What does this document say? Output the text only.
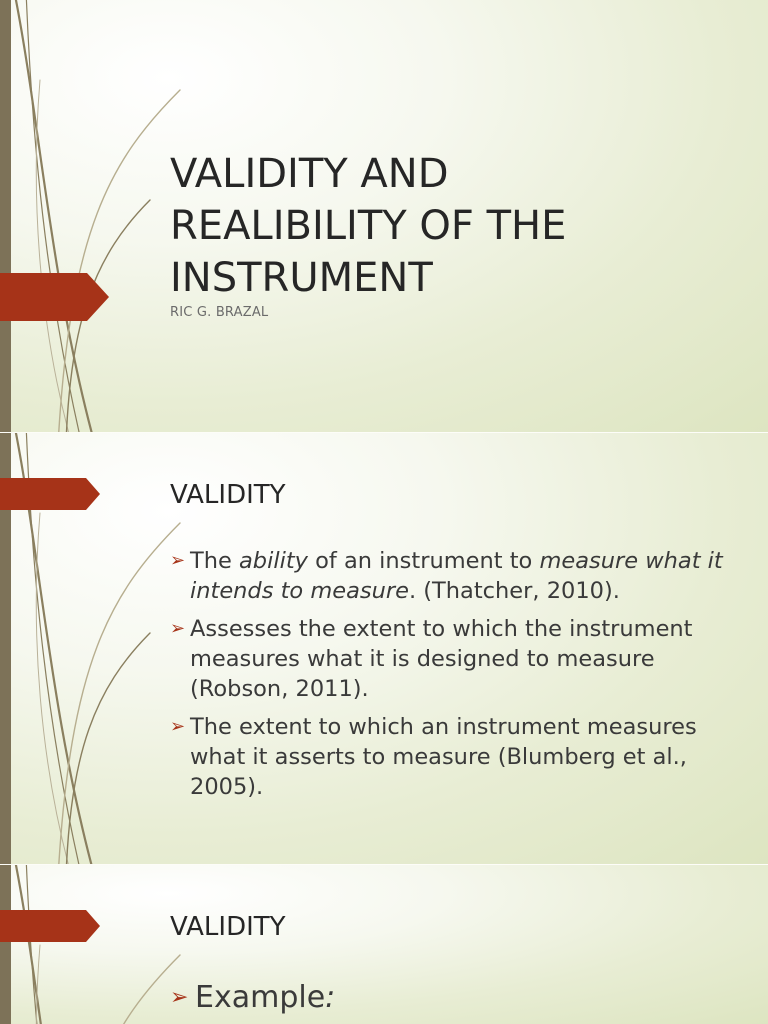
VALIDITY AND
REALIBILITY OF THE
INSTRUMENT
RIC G. BRAZAL
VALIDITY
➢ The ability of an instrument to measure what it intends to measure. (Thatcher, 2010).
➢ Assesses the extent to which the instrument measures what it is designed to measure (Robson, 2011).
➢ The extent to which an instrument measures what it asserts to measure (Blumberg et al., 2005).
VALIDITY
➢ Example:
